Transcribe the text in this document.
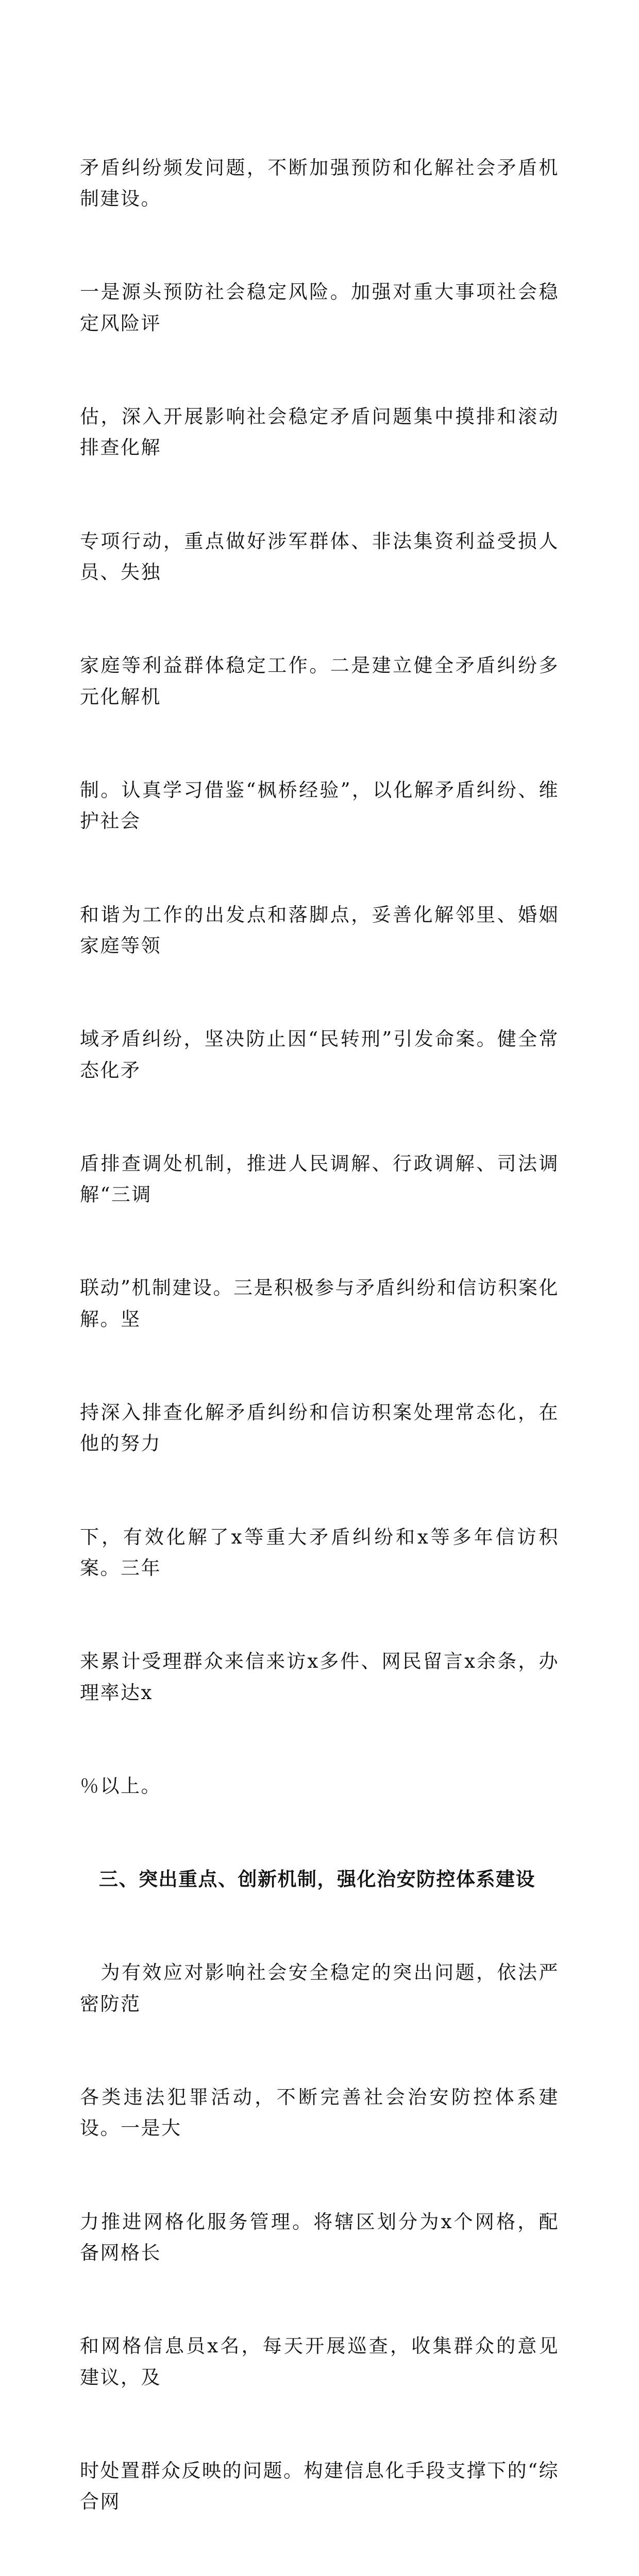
矛盾纠纷频发问题，不断加强预防和化解社会矛盾机制建设。

一是源头预防社会稳定风险。加强对重大事项社会稳定风险评

估，深入开展影响社会稳定矛盾问题集中摸排和滚动排查化解

专项行动，重点做好涉军群体、非法集资利益受损人员、失独

家庭等利益群体稳定工作。二是建立健全矛盾纠纷多元化解机

制。认真学习借鉴“枫桥经验”，以化解矛盾纠纷、维护社会

和谐为工作的出发点和落脚点，妥善化解邻里、婚姻家庭等领

域矛盾纠纷，坚决防止因“民转刑”引发命案。健全常态化矛

盾排查调处机制，推进人民调解、行政调解、司法调解“三调

联动”机制建设。三是积极参与矛盾纠纷和信访积案化解。坚

持深入排查化解矛盾纠纷和信访积案处理常态化，在他的努力

下，有效化解了x等重大矛盾纠纷和x等多年信访积案。三年

来累计受理群众来信来访x多件、网民留言x余条，办理率达x

％以上。

三、突出重点、创新机制，强化治安防控体系建设

　为有效应对影响社会安全稳定的突出问题，依法严密防范

各类违法犯罪活动，不断完善社会治安防控体系建设。一是大

力推进网格化服务管理。将辖区划分为x个网格，配备网格长

和网格信息员x名，每天开展巡查，收集群众的意见建议，及

时处置群众反映的问题。构建信息化手段支撑下的“综合网
